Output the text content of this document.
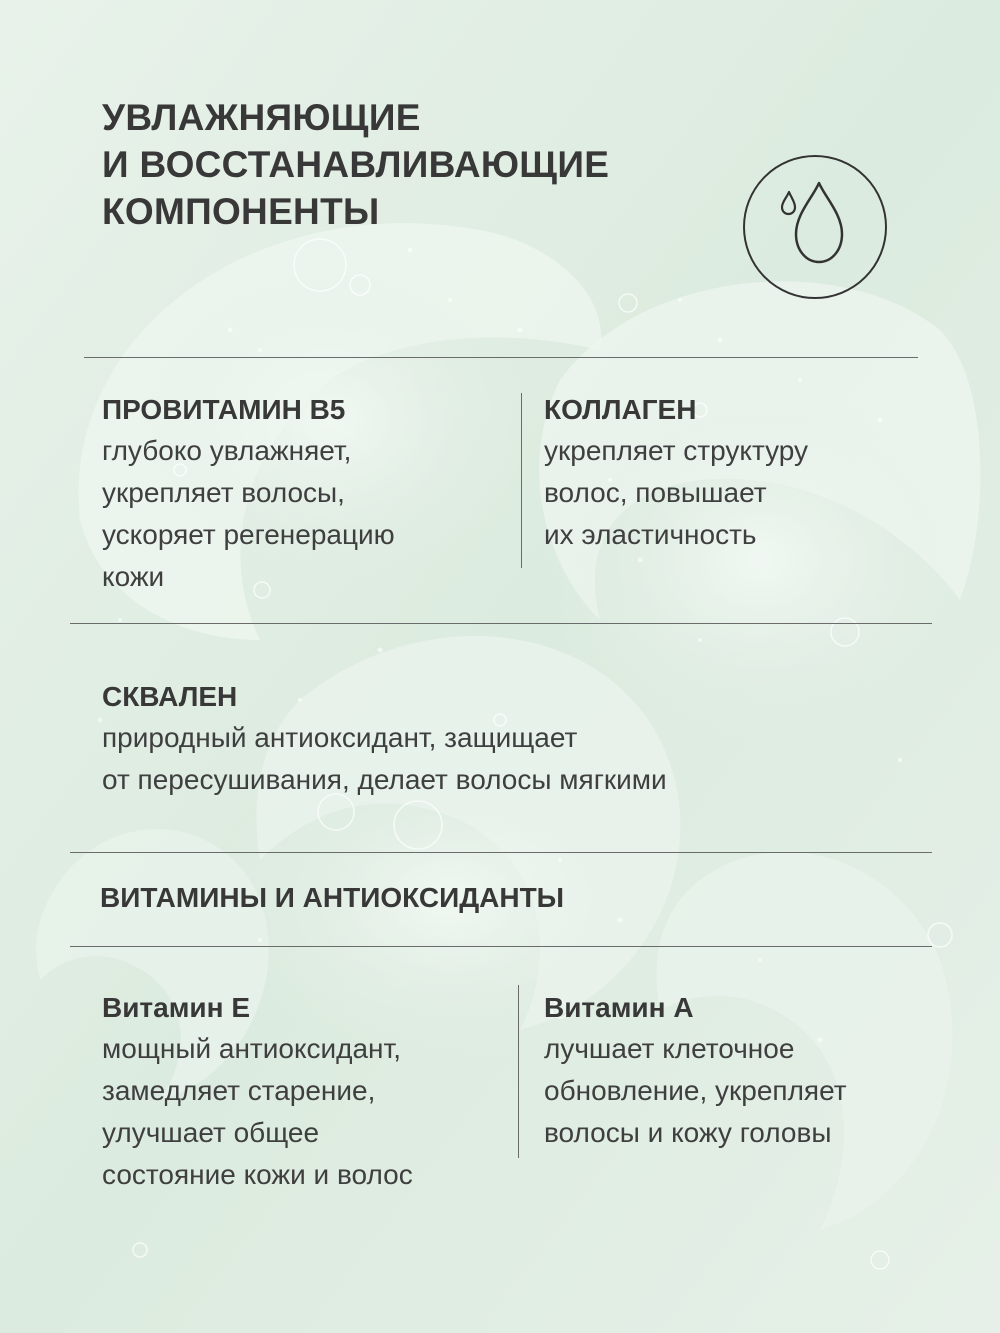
УВЛАЖНЯЮЩИЕ
И ВОССТАНАВЛИВАЮЩИЕ
КОМПОНЕНТЫ
ПРОВИТАМИН В5
глубоко увлажняет,
укрепляет волосы,
ускоряет регенерацию
кожи
КОЛЛАГЕН
укрепляет структуру
волос, повышает
их эластичность
СКВАЛЕН
природный антиоксидант, защищает
от пересушивания, делает волосы мягкими
ВИТАМИНЫ И АНТИОКСИДАНТЫ
Витамин Е
мощный антиоксидант,
замедляет старение,
улучшает общее
состояние кожи и волос
Витамин А
лучшает клеточное
обновление, укрепляет
волосы и кожу головы
